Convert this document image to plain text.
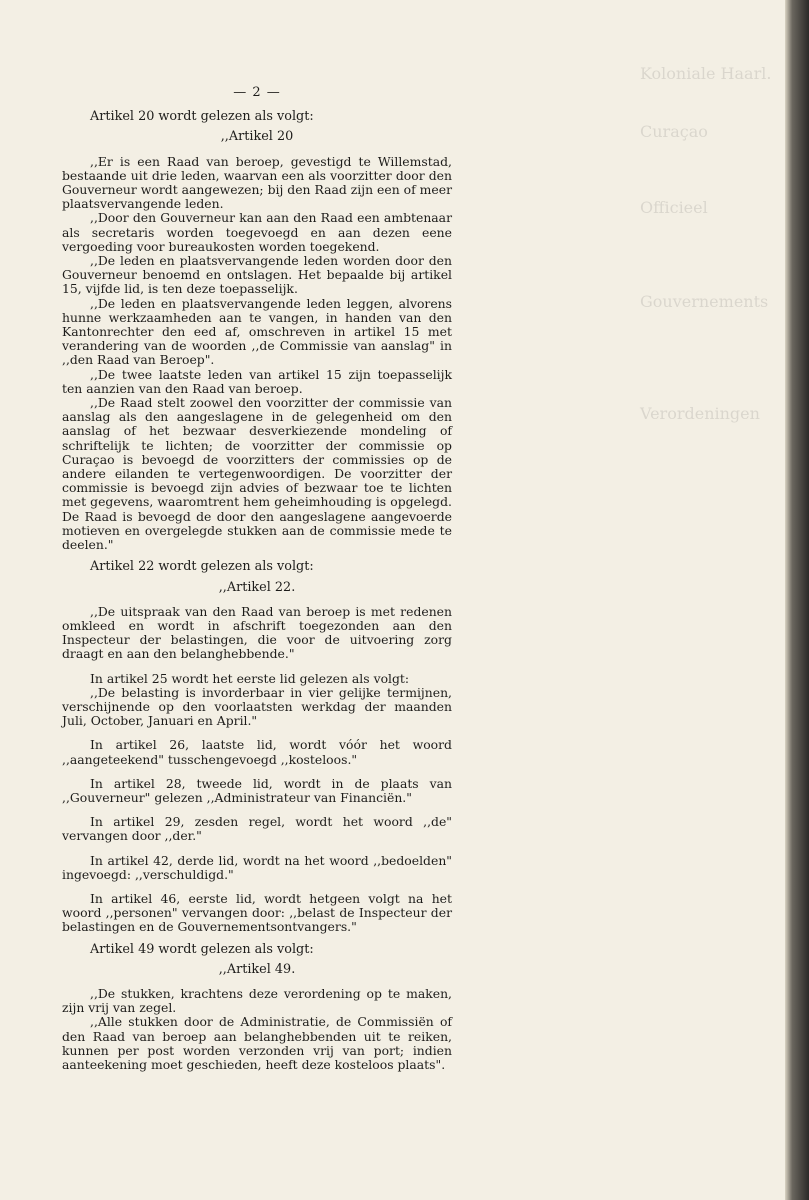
Koloniale Haarl.
Curaçao
Officieel
Gouvernements
Verordeningen
— 2 —
Artikel 20 wordt gelezen als volgt:
,,Artikel 20

,,Er is een Raad van beroep, gevestigd te Willemstad, bestaande uit drie leden, waarvan een als voorzitter door den Gouverneur wordt aangewezen; bij den Raad zijn een of meer plaatsvervangende leden.

,,Door den Gouverneur kan aan den Raad een ambtenaar als secretaris worden toegevoegd en aan dezen eene vergoeding voor bureaukosten worden toegekend.

,,De leden en plaatsvervangende leden worden door den Gouverneur benoemd en ontslagen. Het bepaalde bij artikel 15, vijfde lid, is ten deze toepasselijk.

,,De leden en plaatsvervangende leden leggen, alvorens hunne werkzaamheden aan te vangen, in handen van den Kantonrechter den eed af, omschreven in artikel 15 met verandering van de woorden ,,de Commissie van aanslag" in ,,den Raad van Beroep".

,,De twee laatste leden van artikel 15 zijn toepasselijk ten aanzien van den Raad van beroep.

,,De Raad stelt zoowel den voorzitter der commissie van aanslag als den aangeslagene in de gelegenheid om den aanslag of het bezwaar desverkiezende mondeling of schriftelijk te lichten; de voorzitter der commissie op Curaçao is bevoegd de voorzitters der commissies op de andere eilanden te vertegenwoordigen. De voorzitter der commissie is bevoegd zijn advies of bezwaar toe te lichten met gegevens, waaromtrent hem geheimhouding is opgelegd. De Raad is bevoegd de door den aangeslagene aangevoerde motieven en overgelegde stukken aan de commissie mede te deelen."

Artikel 22 wordt gelezen als volgt:
,,Artikel 22.

,,De uitspraak van den Raad van beroep is met redenen omkleed en wordt in afschrift toegezonden aan den Inspecteur der belastingen, die voor de uitvoering zorg draagt en aan den belanghebbende."

In artikel 25 wordt het eerste lid gelezen als volgt:

,,De belasting is invorderbaar in vier gelijke termijnen, verschijnende op den voorlaatsten werkdag der maanden Juli, October, Januari en April."

In artikel 26, laatste lid, wordt vóór het woord ,,aangeteekend" tusschengevoegd ,,kosteloos."

In artikel 28, tweede lid, wordt in de plaats van ,,Gouverneur" gelezen ,,Administrateur van Financiën."

In artikel 29, zesden regel, wordt het woord ,,de" vervangen door ,,der."

In artikel 42, derde lid, wordt na het woord ,,bedoelden" ingevoegd: ,,verschuldigd."

In artikel 46, eerste lid, wordt hetgeen volgt na het woord ,,personen" vervangen door: ,,belast de Inspecteur der belastingen en de Gouvernementsontvangers."

Artikel 49 wordt gelezen als volgt:
,,Artikel 49.

,,De stukken, krachtens deze verordening op te maken, zijn vrij van zegel.

,,Alle stukken door de Administratie, de Commissiën of den Raad van beroep aan belanghebbenden uit te reiken, kunnen per post worden verzonden vrij van port; indien aanteekening moet geschieden, heeft deze kosteloos plaats".
